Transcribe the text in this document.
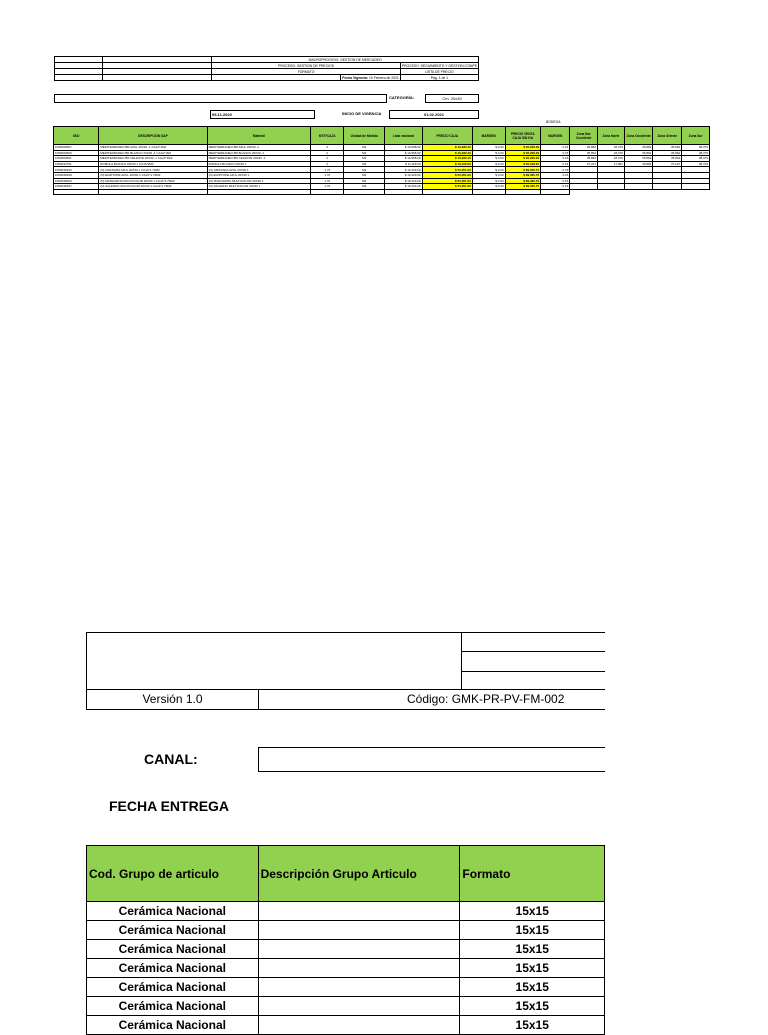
		MACROPROCESO: GESTION DE MERCADEO		
		PROCESO: GESTION DE PRECIOS		PROCESO: SEGUIMIENTO Y GESTION COMPE
		FORMATO		LISTA DE PRECIO
			Fecha Vigencia: 10 Febrero de 2021	Pág. 1 de 1
CATEGORÍA:	Cm. 20x30
05.11.2020	INICIO DE VIGENCIA	01.02.2021
BODEGA
SKU	DESCRIPCION SAP	Material	MTS*CAJA	Unidad de Medida	Lista nacional	PRECIO CAJA	MARGEN	PRECIO VENTA CAJA SIN IVA	MARGEN	Zona Nor Occidente	Zona Norte	Zona Occidente	Zona Oriente	Zona Sur
1050000507	MEDITERRANEO BR AZUL 20X30 -1 CAJA*1M2	MEDITERRANEO BR AZUL 20X30 -1	2	M2	$ 13,958.00	$ 19,932.40	$ 0.00	$ 95,206.29	0.15	35,862	18,479	35,862	35,862	38,379
1050000500	MEDITERRANEO BR BLANCO 20X30 -1 CAJA*1M2	MEDITERRANEO BR BLANCO 20X30 -1	2	M2	$ 13,958.00	$ 19,932.40	$ 0.00	$ 95,206.29	0.15	35,862	18,479	35,862	35,862	38,379
1050000501	MEDITERRANEO BR CELESTE 20X30 -1 CAJA*1M2	MEDITERRANEO BR CELESTE 20X30 -1	2	M2	$ 13,958.00	$ 19,932.40	$ 0.00	$ 95,206.29	0.15	35,862	18,479	35,862	35,862	38,379
1050032701	ROMULA BLANCO 20X30 1 CAJA*2M2	ROMULA BLANCO 20X30 1	2	M2	$ 11,118.00	$ 19,156.00	$ 0.00	$ 95,018.81	0.15	37,227	17,961	35,862	37,227	38,379
1050036493	(N) GRANADA AZUL 20X30 1 CAJA*1.76M2	(N) GRANADA AZUL 20X30 1	1.76	M2	$ 10,329.00	$ 50,051.00	$ 0.00	$ 89,025.75	0.15					
1050036499	(N) EGIPTOPE AZUL 20X30 1 CAJA*1.76M2	(N) EGIPTOPE AZUL 20X30 1	1.76	M2	$ 10,329.00	$ 50,051.00	$ 0.00	$ 89,025.75	0.15					
1050036500	(N) MARGARITA MULTICOLOR 20X30 1 CAJA*1.76M2	(N) MARGARITA MULTICOLOR 20X30 1	1.76	M2	$ 10,329.00	$ 50,051.00	$ 0.00	$ 89,025.75	0.15					
1050036497	(N) SALERNO MULTICOLOR 20X30 1 CAJA*1.76M2	(N) SALERNO MULTICOLOR 20X30 1	1.76	M2	$ 10,329.00	$ 50,051.00	$ 0.00	$ 89,025.75	0.15					

Versión 1.0	Código: GMK-PR-PV-FM-002
CANAL:
FECHA ENTREGA
Cod. Grupo de articulo	Descripción Grupo Articulo	Formato
Cerámica Nacional		15x15
Cerámica Nacional		15x15
Cerámica Nacional		15x15
Cerámica Nacional		15x15
Cerámica Nacional		15x15
Cerámica Nacional		15x15
Cerámica Nacional		15x15
